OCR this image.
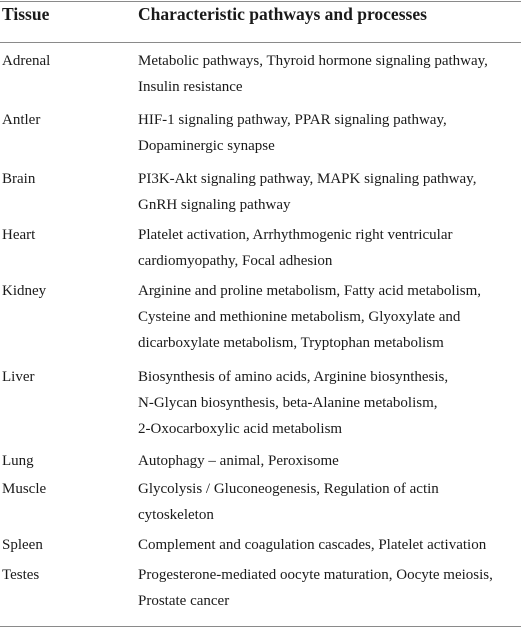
Tissue	Characteristic pathways and processes
Adrenal	Metabolic pathways, Thyroid hormone signaling pathway,
Insulin resistance
Antler	HIF-1 signaling pathway, PPAR signaling pathway,
Dopaminergic synapse
Brain	PI3K-Akt signaling pathway, MAPK signaling pathway,
GnRH signaling pathway
Heart	Platelet activation, Arrhythmogenic right ventricular
cardiomyopathy, Focal adhesion
Kidney	Arginine and proline metabolism, Fatty acid metabolism,
Cysteine and methionine metabolism, Glyoxylate and
dicarboxylate metabolism, Tryptophan metabolism
Liver	Biosynthesis of amino acids, Arginine biosynthesis,
N-Glycan biosynthesis, beta-Alanine metabolism,
2-Oxocarboxylic acid metabolism
Lung	Autophagy – animal, Peroxisome
Muscle	Glycolysis / Gluconeogenesis, Regulation of actin
cytoskeleton
Spleen	Complement and coagulation cascades, Platelet activation
Testes	Progesterone-mediated oocyte maturation, Oocyte meiosis,
Prostate cancer
